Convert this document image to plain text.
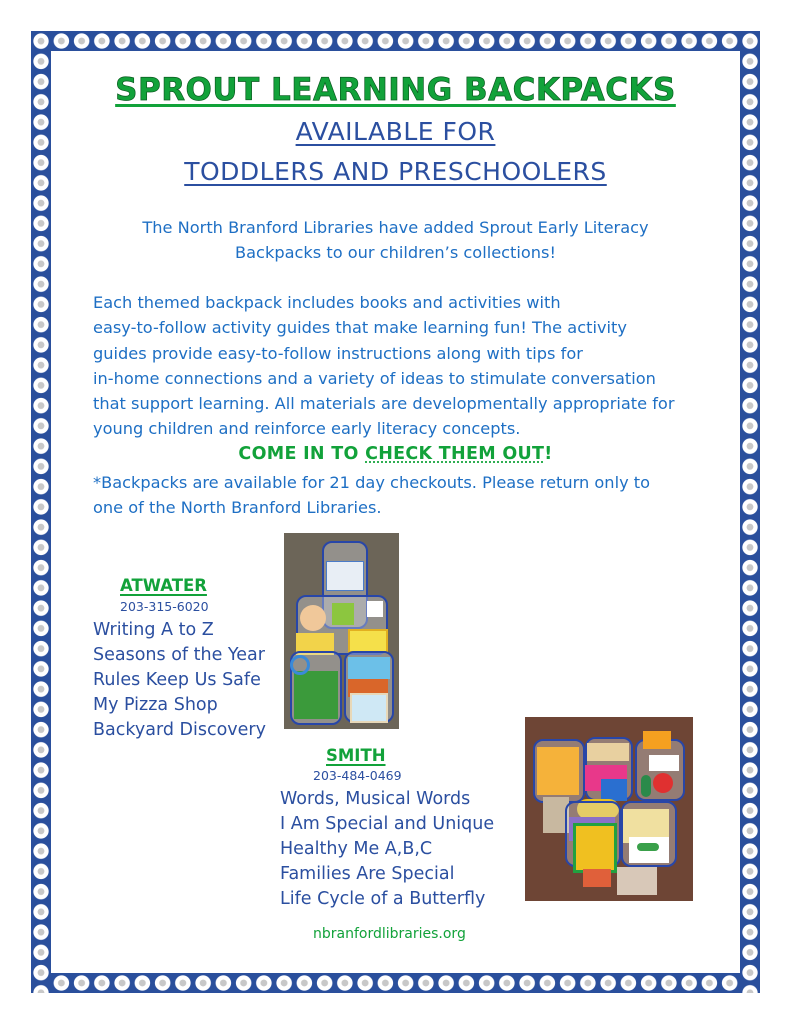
SPROUT LEARNING BACKPACKS
AVAILABLE FOR
TODDLERS AND PRESCHOOLERS
The North Branford Libraries have added Sprout Early Literacy
Backpacks to our children’s collections!
Each themed backpack includes books and activities with
easy-to-follow activity guides that make learning fun! The activity
guides provide easy-to-follow instructions along with tips for
in-home connections and a variety of ideas to stimulate conversation
that support learning. All materials are developmentally appropriate for
young children and reinforce early literacy concepts.
COME IN TO CHECK THEM OUT!
*Backpacks are available for 21 day checkouts. Please return only to
one of the North Branford Libraries.
ATWATER
203-315-6020
Writing A to Z
Seasons of the Year
Rules Keep Us Safe
My Pizza Shop
Backyard Discovery
SMITH
203-484-0469
Words, Musical Words
I Am Special and Unique
Healthy Me A,B,C
Families Are Special
Life Cycle of a Butterfly
nbranfordlibraries.org
